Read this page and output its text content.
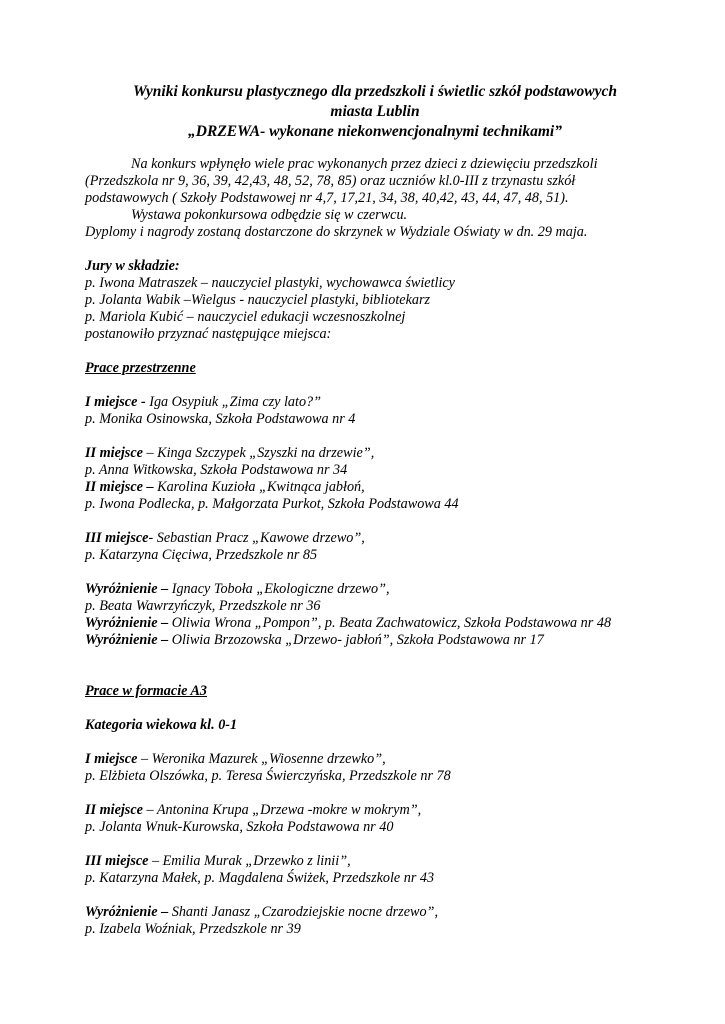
Wyniki konkursu plastycznego dla przedszkoli i świetlic szkół podstawowych
miasta Lublin
„DRZEWA- wykonane niekonwencjonalnymi technikami”
Na konkurs wpłynęło wiele prac wykonanych przez dzieci z dziewięciu przedszkoli
(Przedszkola nr 9, 36, 39, 42,43, 48, 52, 78, 85) oraz uczniów kl.0-III z trzynastu szkół
podstawowych ( Szkoły Podstawowej nr 4,7, 17,21, 34, 38, 40,42, 43, 44, 47, 48, 51).
Wystawa pokonkursowa odbędzie się w czerwcu.
Dyplomy i nagrody zostaną dostarczone do skrzynek w Wydziale Oświaty w dn. 29 maja.
Jury w składzie:
p. Iwona Matraszek – nauczyciel plastyki, wychowawca świetlicy
p. Jolanta Wabik –Wielgus - nauczyciel plastyki, bibliotekarz
p. Mariola Kubić – nauczyciel edukacji wczesnoszkolnej
postanowiło przyznać następujące miejsca:
Prace przestrzenne
I miejsce - Iga Osypiuk „Zima czy lato?”
p. Monika Osinowska, Szkoła Podstawowa nr 4
II miejsce – Kinga Szczypek „Szyszki na drzewie”,
p. Anna Witkowska, Szkoła Podstawowa nr 34
II miejsce – Karolina Kuzioła „Kwitnąca jabłoń,
p. Iwona Podlecka, p. Małgorzata Purkot, Szkoła Podstawowa 44
III miejsce- Sebastian Pracz „Kawowe drzewo”,
p. Katarzyna Cięciwa, Przedszkole nr 85
Wyróżnienie – Ignacy Toboła „Ekologiczne drzewo”,
p. Beata Wawrzyńczyk, Przedszkole nr 36
Wyróżnienie – Oliwia Wrona „Pompon”, p. Beata Zachwatowicz, Szkoła Podstawowa nr 48
Wyróżnienie – Oliwia Brzozowska „Drzewo- jabłoń”, Szkoła Podstawowa nr 17
Prace w formacie A3
Kategoria wiekowa kl. 0-1
I miejsce – Weronika Mazurek „Wiosenne drzewko”,
p. Elżbieta Olszówka, p. Teresa Świerczyńska, Przedszkole nr 78
II miejsce – Antonina Krupa „Drzewa -mokre w mokrym”,
p. Jolanta Wnuk-Kurowska, Szkoła Podstawowa nr 40
III miejsce – Emilia Murak „Drzewko z linii”,
p. Katarzyna Małek, p. Magdalena Świżek, Przedszkole nr 43
Wyróżnienie – Shanti Janasz „Czarodziejskie nocne drzewo”,
p. Izabela Woźniak, Przedszkole nr 39
